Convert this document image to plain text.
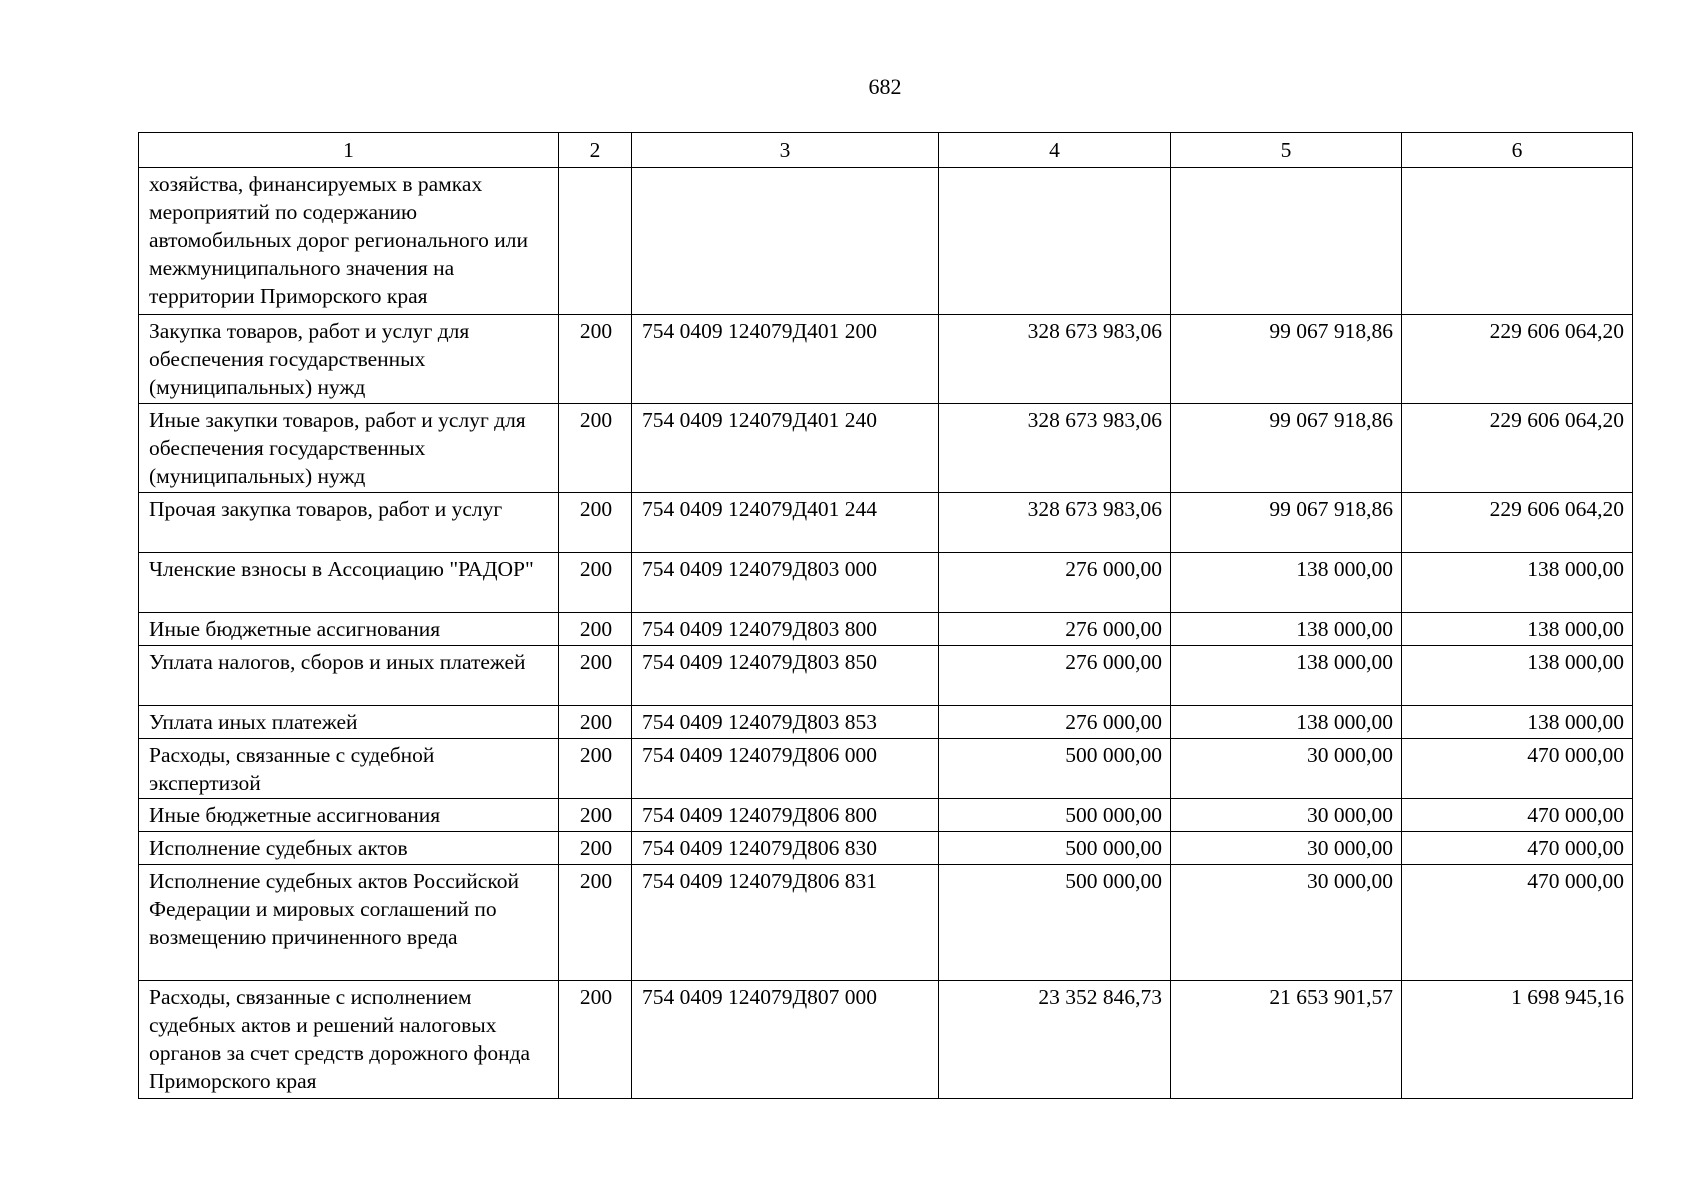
682
1	2	3	4	5	6
хозяйства, финансируемых в рамках мероприятий по содержанию автомобильных дорог регионального или межмуниципального значения на территории Приморского края					
Закупка товаров, работ и услуг для обеспечения государственных (муниципальных) нужд	200	754 0409 124079Д401 200	328 673 983,06	99 067 918,86	229 606 064,20
Иные закупки товаров, работ и услуг для обеспечения государственных (муниципальных) нужд	200	754 0409 124079Д401 240	328 673 983,06	99 067 918,86	229 606 064,20
Прочая закупка товаров, работ и услуг	200	754 0409 124079Д401 244	328 673 983,06	99 067 918,86	229 606 064,20
Членские взносы в Ассоциацию "РАДОР"	200	754 0409 124079Д803 000	276 000,00	138 000,00	138 000,00
Иные бюджетные ассигнования	200	754 0409 124079Д803 800	276 000,00	138 000,00	138 000,00
Уплата налогов, сборов и иных платежей	200	754 0409 124079Д803 850	276 000,00	138 000,00	138 000,00
Уплата иных платежей	200	754 0409 124079Д803 853	276 000,00	138 000,00	138 000,00
Расходы, связанные с судебной экспертизой	200	754 0409 124079Д806 000	500 000,00	30 000,00	470 000,00
Иные бюджетные ассигнования	200	754 0409 124079Д806 800	500 000,00	30 000,00	470 000,00
Исполнение судебных актов	200	754 0409 124079Д806 830	500 000,00	30 000,00	470 000,00
Исполнение судебных актов Российской Федерации и мировых соглашений по возмещению причиненного вреда	200	754 0409 124079Д806 831	500 000,00	30 000,00	470 000,00
Расходы, связанные с исполнением судебных актов и решений налоговых органов за счет средств дорожного фонда Приморского края	200	754 0409 124079Д807 000	23 352 846,73	21 653 901,57	1 698 945,16
